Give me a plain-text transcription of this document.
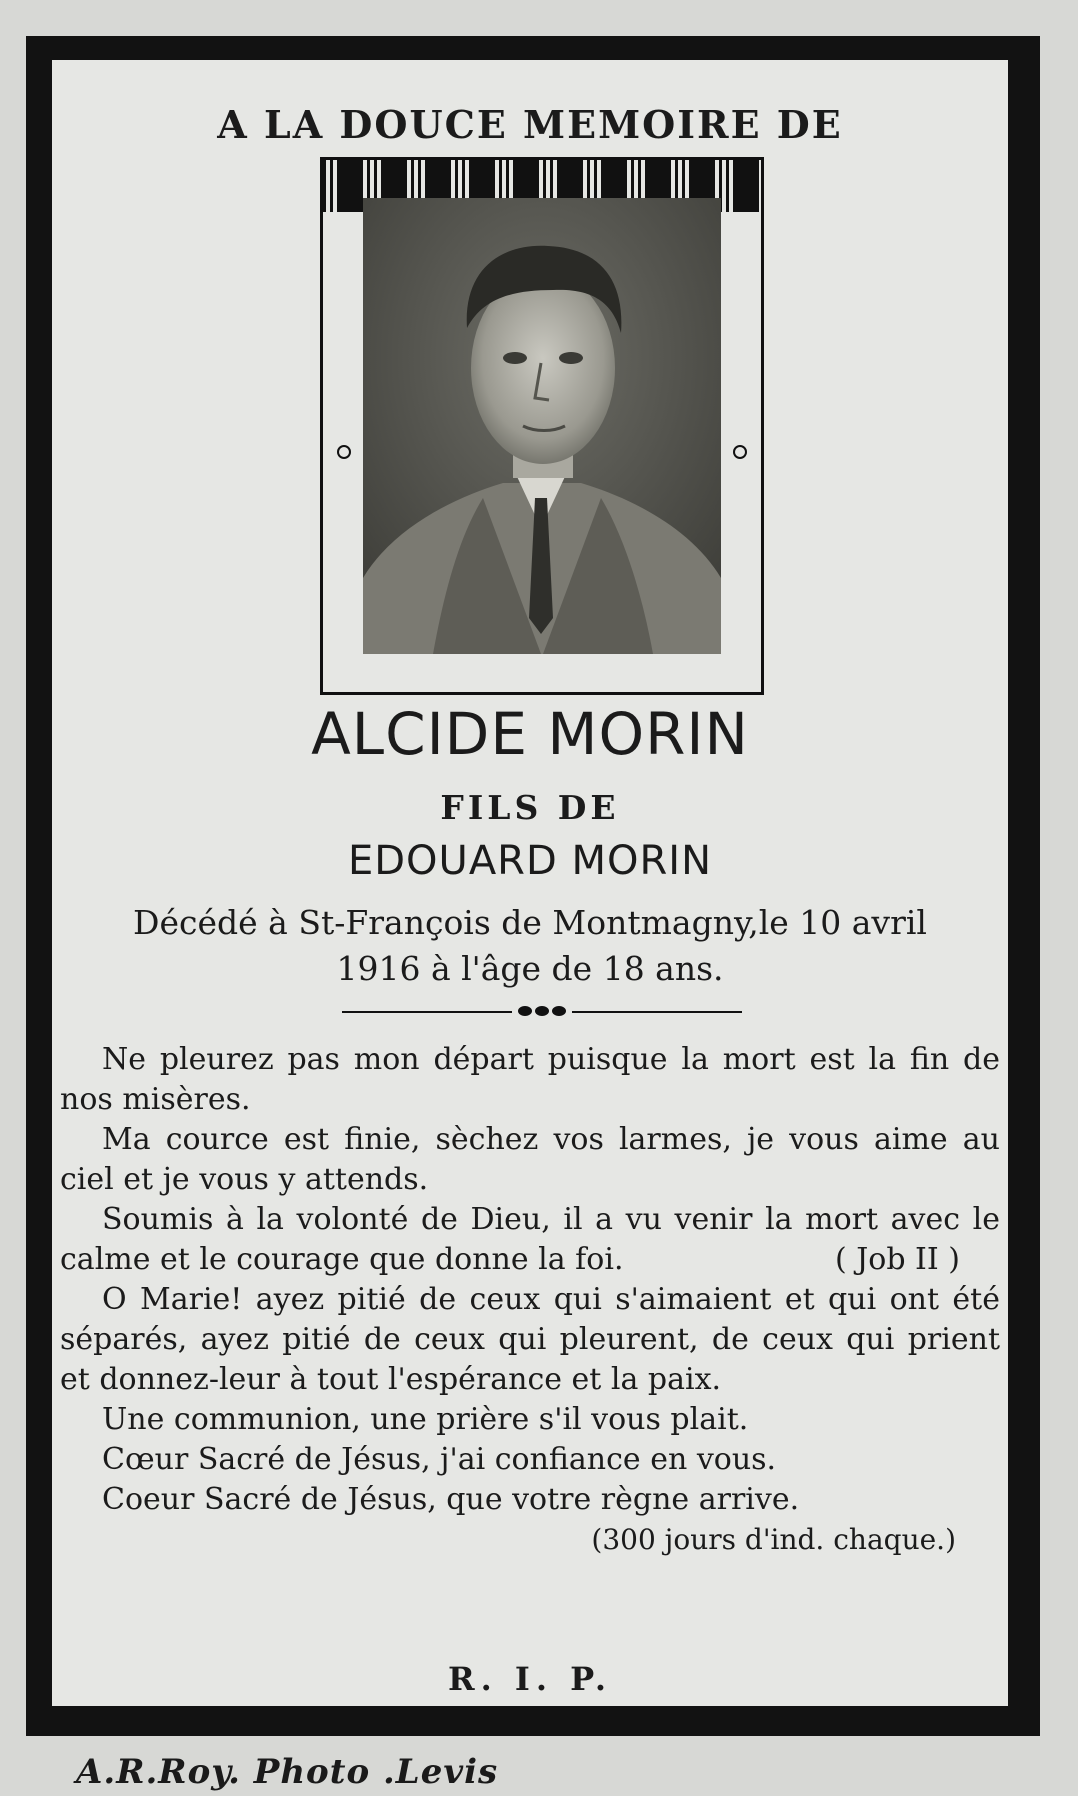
A LA DOUCE MEMOIRE DE
ALCIDE MORIN
FILS DE
EDOUARD MORIN
Décédé à St-François de Montmagny,le 10 avril
1916 à l'âge de 18 ans.

Ne pleurez pas mon départ puisque la mort est la fin de nos misères.

Ma cource est finie, sèchez vos larmes, je vous aime au ciel et je vous y attends.

Soumis à la volonté de Dieu, il a vu venir la mort avec le calme et le courage que donne la foi.	( Job II )

O Marie! ayez pitié de ceux qui s'aimaient et qui ont été séparés, ayez pitié de ceux qui pleurent, de ceux qui prient et donnez-leur à tout l'espérance et la paix.

Une communion, une prière s'il vous plait.

Cœur Sacré de Jésus, j'ai confiance en vous.

Coeur Sacré de Jésus, que votre règne arrive.

(300 jours d'ind. chaque.)

R. I. P.
A.R.Roy. Photo .Levis
